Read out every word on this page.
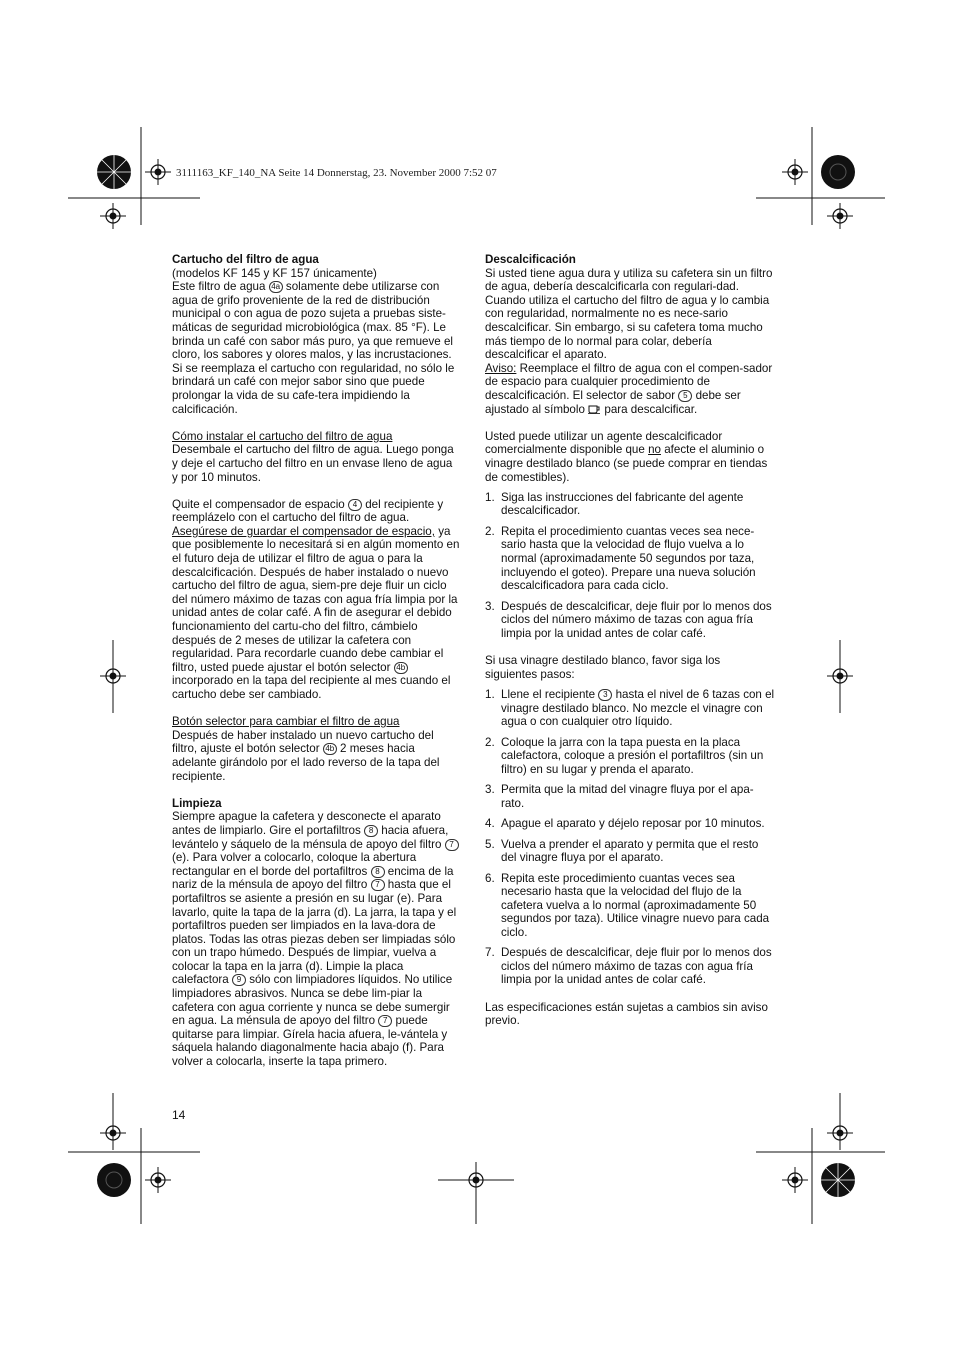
3111163_KF_140_NA Seite 14 Donnerstag, 23. November 2000 7:52 07
Cartucho del filtro de agua
(modelos KF 145 y KF 157 únicamente)
Este filtro de agua 4a solamente debe utilizarse con agua de grifo proveniente de la red de distribución municipal o con agua de pozo sujeta a pruebas siste-máticas de seguridad microbiológica (max. 85 °F). Le brinda un café con sabor más puro, ya que remueve el cloro, los sabores y olores malos, y las incrustaciones. Si se reemplaza el cartucho con regularidad, no sólo le brindará un café con mejor sabor sino que puede prolongar la vida de su cafe-tera impidiendo la calcificación.
Cómo instalar el cartucho del filtro de agua
Desembale el cartucho del filtro de agua. Luego ponga y deje el cartucho del filtro en un envase lleno de agua y por 10 minutos.
Quite el compensador de espacio 4 del recipiente y reemplázelo con el cartucho del filtro de agua. Asegúrese de guardar el compensador de espacio, ya que posiblemente lo necesitará si en algún momento en el futuro deja de utilizar el filtro de agua o para la descalcificación. Después de haber instalado o nuevo cartucho del filtro de agua, siem-pre deje fluir un ciclo del número máximo de tazas con agua fría limpia por la unidad antes de colar café. A fin de asegurar el debido funcionamiento del cartu-cho del filtro, cámbielo después de 2 meses de utilizar la cafetera con regularidad. Para recordarle cuando debe cambiar el filtro, usted puede ajustar el botón selector 4b incorporado en la tapa del recipiente al mes cuando el cartucho debe ser cambiado.
Botón selector para cambiar el filtro de agua
Después de haber instalado un nuevo cartucho del filtro, ajuste el botón selector 4b 2 meses hacia adelante girándolo por el lado reverso de la tapa del recipiente.
Limpieza
Siempre apague la cafetera y desconecte el aparato antes de limpiarlo. Gire el portafiltros 8 hacia afuera, levántelo y sáquelo de la ménsula de apoyo del filtro 7 (e). Para volver a colocarlo, coloque la abertura rectangular en el borde del portafiltros 8 encima de la nariz de la ménsula de apoyo del filtro 7 hasta que el portafiltros se asiente a presión en su lugar (e). Para lavarlo, quite la tapa de la jarra (d). La jarra, la tapa y el portafiltros pueden ser limpiados en la lava-dora de platos. Todas las otras piezas deben ser limpiadas sólo con un trapo húmedo. Después de limpiar, vuelva a colocar la tapa en la jarra (d). Limpie la placa calefactora 9 sólo con limpiadores líquidos. No utilice limpiadores abrasivos. Nunca se debe lim-piar la cafetera con agua corriente y nunca se debe sumergir en agua. La ménsula de apoyo del filtro 7 puede quitarse para limpiar. Gírela hacia afuera, le-vántela y sáquela halando diagonalmente hacia abajo (f). Para volver a colocarla, inserte la tapa primero.
Descalcificación
Si usted tiene agua dura y utiliza su cafetera sin un filtro de agua, debería descalcificarla con regulari-dad. Cuando utiliza el cartucho del filtro de agua y lo cambia con regularidad, normalmente no es nece-sario descalcificar. Sin embargo, si su cafetera toma mucho más tiempo de lo normal para colar, debería descalcificar el aparato.
Aviso: Reemplace el filtro de agua con el compen-sador de espacio para cualquier procedimiento de descalcificación. El selector de sabor 5 debe ser ajustado al símbolo para descalcificar.
Usted puede utilizar un agente descalcificador comercialmente disponible que no afecte el aluminio o vinagre destilado blanco (se puede comprar en tiendas de comestibles).
1. Siga las instrucciones del fabricante del agente descalcificador.
2. Repita el procedimiento cuantas veces sea nece-sario hasta que la velocidad de flujo vuelva a lo normal (aproximadamente 50 segundos por taza, incluyendo el goteo). Prepare una nueva solución descalcificadora para cada ciclo.
3. Después de descalcificar, deje fluir por lo menos dos ciclos del número máximo de tazas con agua fría limpia por la unidad antes de colar café.
Si usa vinagre destilado blanco, favor siga los siguientes pasos:
1. Llene el recipiente 3 hasta el nivel de 6 tazas con el vinagre destilado blanco. No mezcle el vinagre con agua o con cualquier otro líquido.
2. Coloque la jarra con la tapa puesta en la placa calefactora, coloque a presión el portafiltros (sin un filtro) en su lugar y prenda el aparato.
3. Permita que la mitad del vinagre fluya por el apa-rato.
4. Apague el aparato y déjelo reposar por 10 minutos.
5. Vuelva a prender el aparato y permita que el resto del vinagre fluya por el aparato.
6. Repita este procedimiento cuantas veces sea necesario hasta que la velocidad del flujo de la cafetera vuelva a lo normal (aproximadamente 50 segundos por taza). Utilice vinagre nuevo para cada ciclo.
7. Después de descalcificar, deje fluir por lo menos dos ciclos del número máximo de tazas con agua fría limpia por la unidad antes de colar café.
Las especificaciones están sujetas a cambios sin aviso previo.
14
